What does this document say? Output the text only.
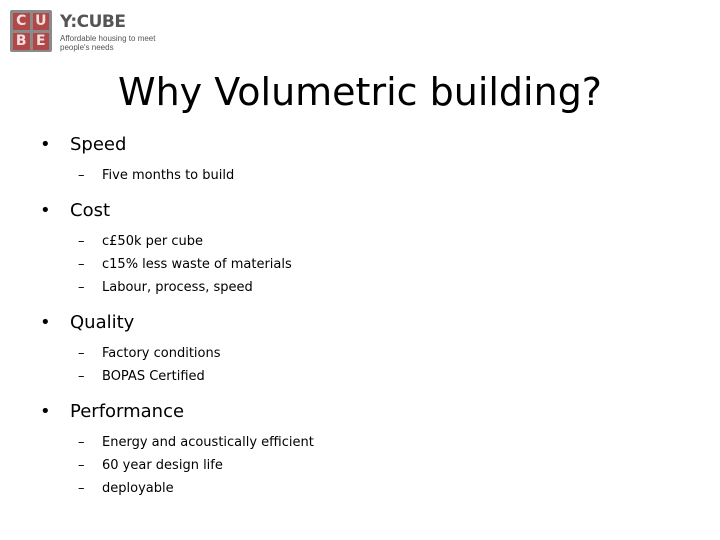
C U
B E
Y:CUBE
Affordable housing to meet people's needs
Why Volumetric building?
• Speed
– Five months to build
• Cost
– c£50k per cube
– c15% less waste of materials
– Labour, process, speed
• Quality
– Factory conditions
– BOPAS Certified
• Performance
– Energy and acoustically efficient
– 60 year design life
– deployable
